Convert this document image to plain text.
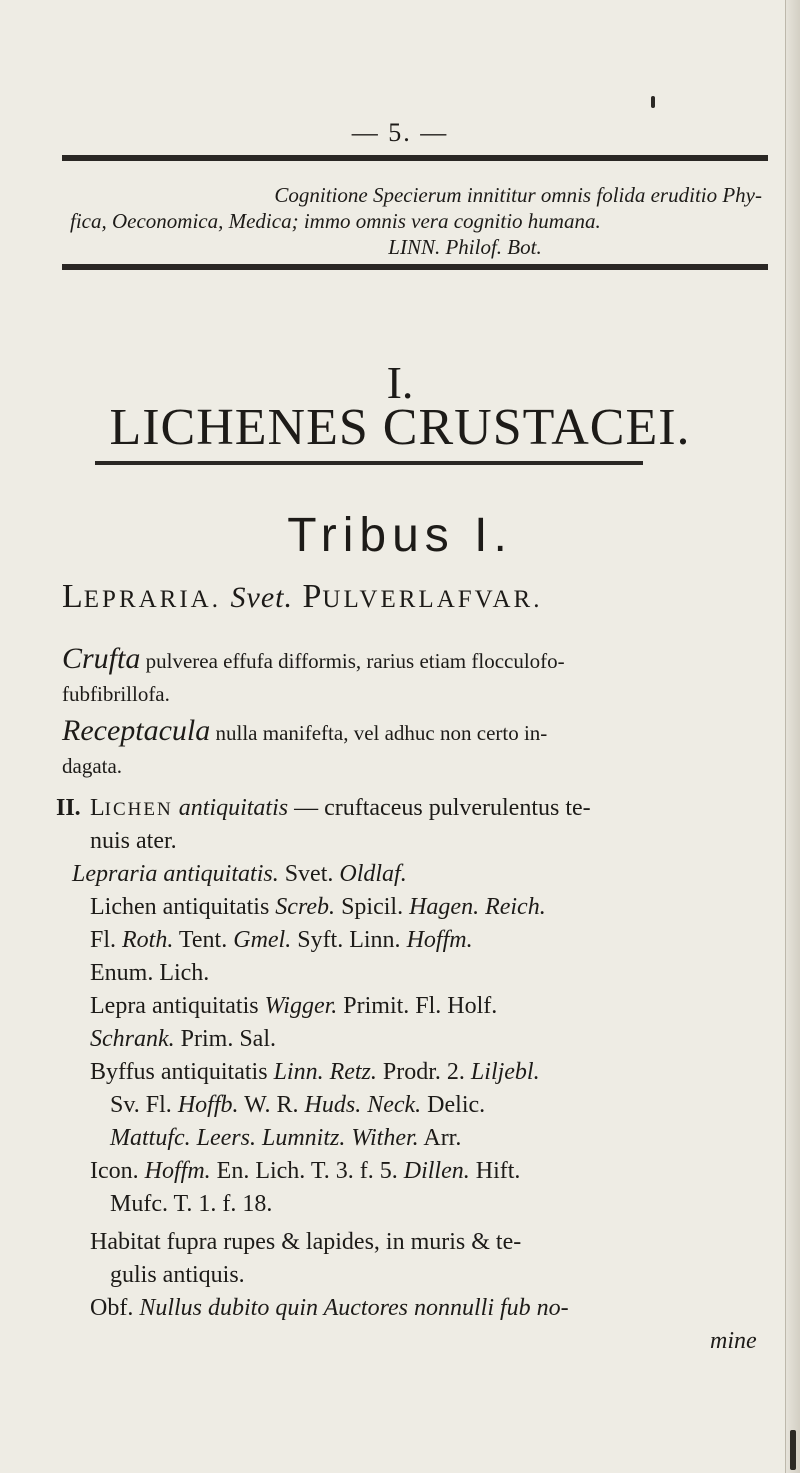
— 5. —
Cognitione Specierum innititur omnis folida eruditio Phy-
fica, Oeconomica, Medica; immo omnis vera cognitio humana.
LINN. Philof. Bot.
I.
LICHENES CRUSTACEI.
Tribus I.
LEPRARIA. Svet. PULVERLAFVAR.
Crufta pulverea effufa difformis, rarius etiam flocculofo-
fubfibrillofa.
Receptacula nulla manifefta, vel adhuc non certo in-
dagata.
II. LICHEN antiquitatis — cruftaceus pulverulentus te-
nuis ater.
Lepraria antiquitatis. Svet. Oldlaf.
Lichen antiquitatis Screb. Spicil. Hagen. Reich.
Fl. Roth. Tent. Gmel. Syft. Linn. Hoffm.
Enum. Lich.
Lepra antiquitatis Wigger. Primit. Fl. Holf.
Schrank. Prim. Sal.
Byffus antiquitatis Linn. Retz. Prodr. 2. Liljebl.
Sv. Fl. Hoffb. W. R. Huds. Neck. Delic.
Mattufc. Leers. Lumnitz. Wither. Arr.
Icon. Hoffm. En. Lich. T. 3. f. 5. Dillen. Hift.
Mufc. T. 1. f. 18.
Habitat fupra rupes & lapides, in muris & te-
gulis antiquis.
Obf. Nullus dubito quin Auctores nonnulli fub no-
mine
